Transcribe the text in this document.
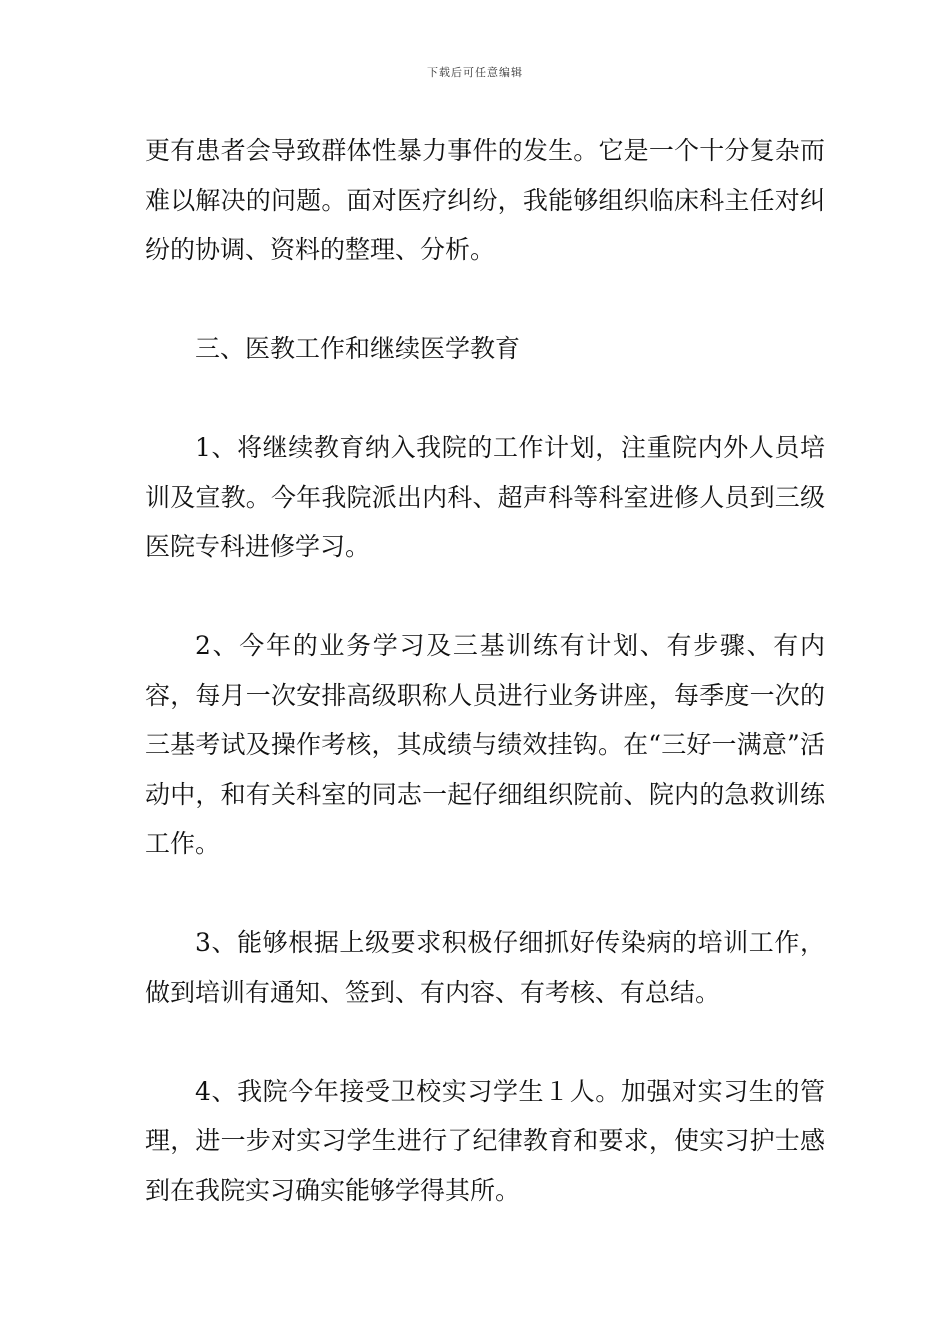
下载后可任意编辑

更有患者会导致群体性暴力事件的发生。它是一个十分复杂而难以解决的问题。面对医疗纠纷，我能够组织临床科主任对纠纷的协调、资料的整理、分析。

三、医教工作和继续医学教育

1、将继续教育纳入我院的工作计划，注重院内外人员培训及宣教。今年我院派出内科、超声科等科室进修人员到三级医院专科进修学习。

2、今年的业务学习及三基训练有计划、有步骤、有内容，每月一次安排高级职称人员进行业务讲座，每季度一次的三基考试及操作考核，其成绩与绩效挂钩。在“三好一满意”活动中，和有关科室的同志一起仔细组织院前、院内的急救训练工作。

3、能够根据上级要求积极仔细抓好传染病的培训工作，做到培训有通知、签到、有内容、有考核、有总结。

4、我院今年接受卫校实习学生１人。加强对实习生的管理，进一步对实习学生进行了纪律教育和要求，使实习护士感到在我院实习确实能够学得其所。
